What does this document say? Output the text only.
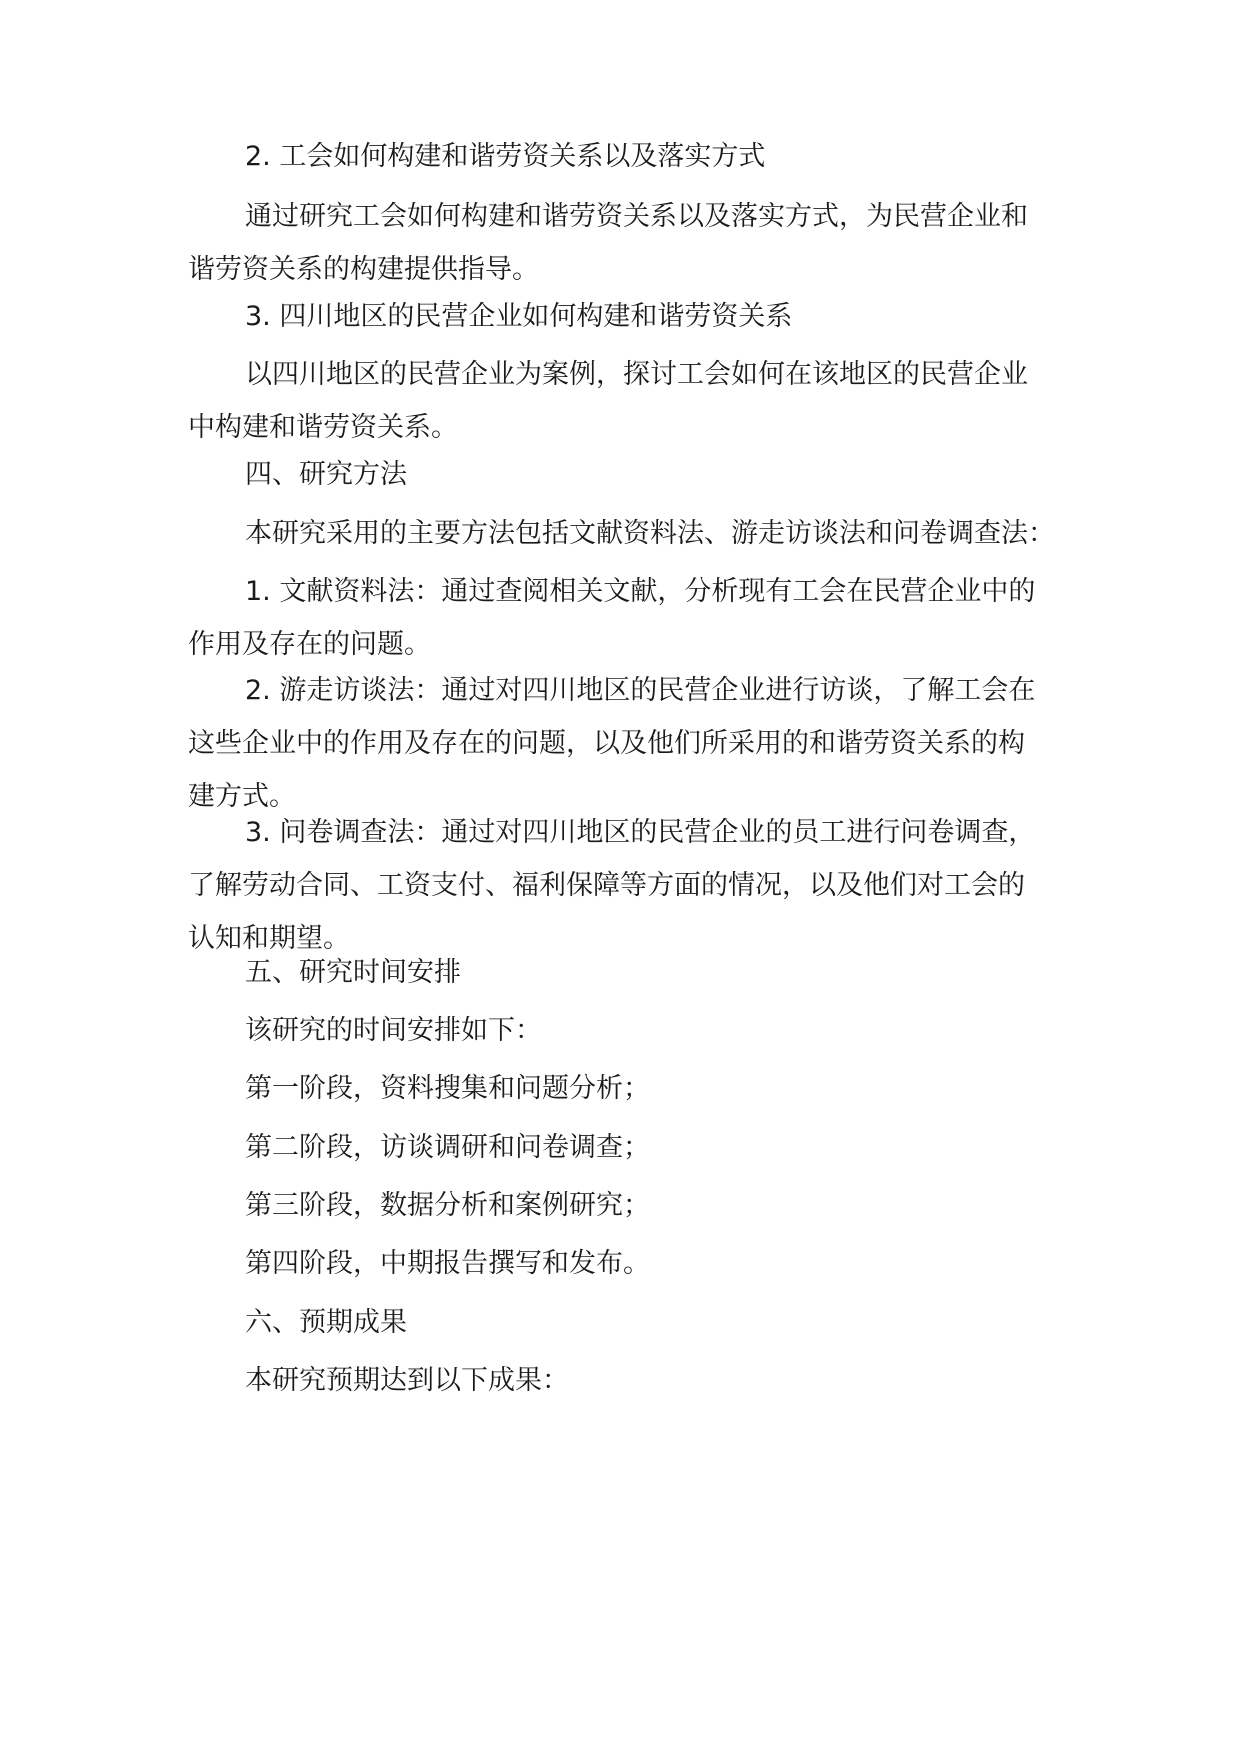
2. 工会如何构建和谐劳资关系以及落实方式
通过研究工会如何构建和谐劳资关系以及落实方式，为民营企业和
谐劳资关系的构建提供指导。
3. 四川地区的民营企业如何构建和谐劳资关系
以四川地区的民营企业为案例，探讨工会如何在该地区的民营企业
中构建和谐劳资关系。
四、研究方法
本研究采用的主要方法包括文献资料法、游走访谈法和问卷调查法：
1. 文献资料法：通过查阅相关文献，分析现有工会在民营企业中的
作用及存在的问题。
2. 游走访谈法：通过对四川地区的民营企业进行访谈，了解工会在
这些企业中的作用及存在的问题，以及他们所采用的和谐劳资关系的构
建方式。
3. 问卷调查法：通过对四川地区的民营企业的员工进行问卷调查，
了解劳动合同、工资支付、福利保障等方面的情况，以及他们对工会的
认知和期望。
五、研究时间安排
该研究的时间安排如下：
第一阶段，资料搜集和问题分析；
第二阶段，访谈调研和问卷调查；
第三阶段，数据分析和案例研究；
第四阶段，中期报告撰写和发布。
六、预期成果
本研究预期达到以下成果：
